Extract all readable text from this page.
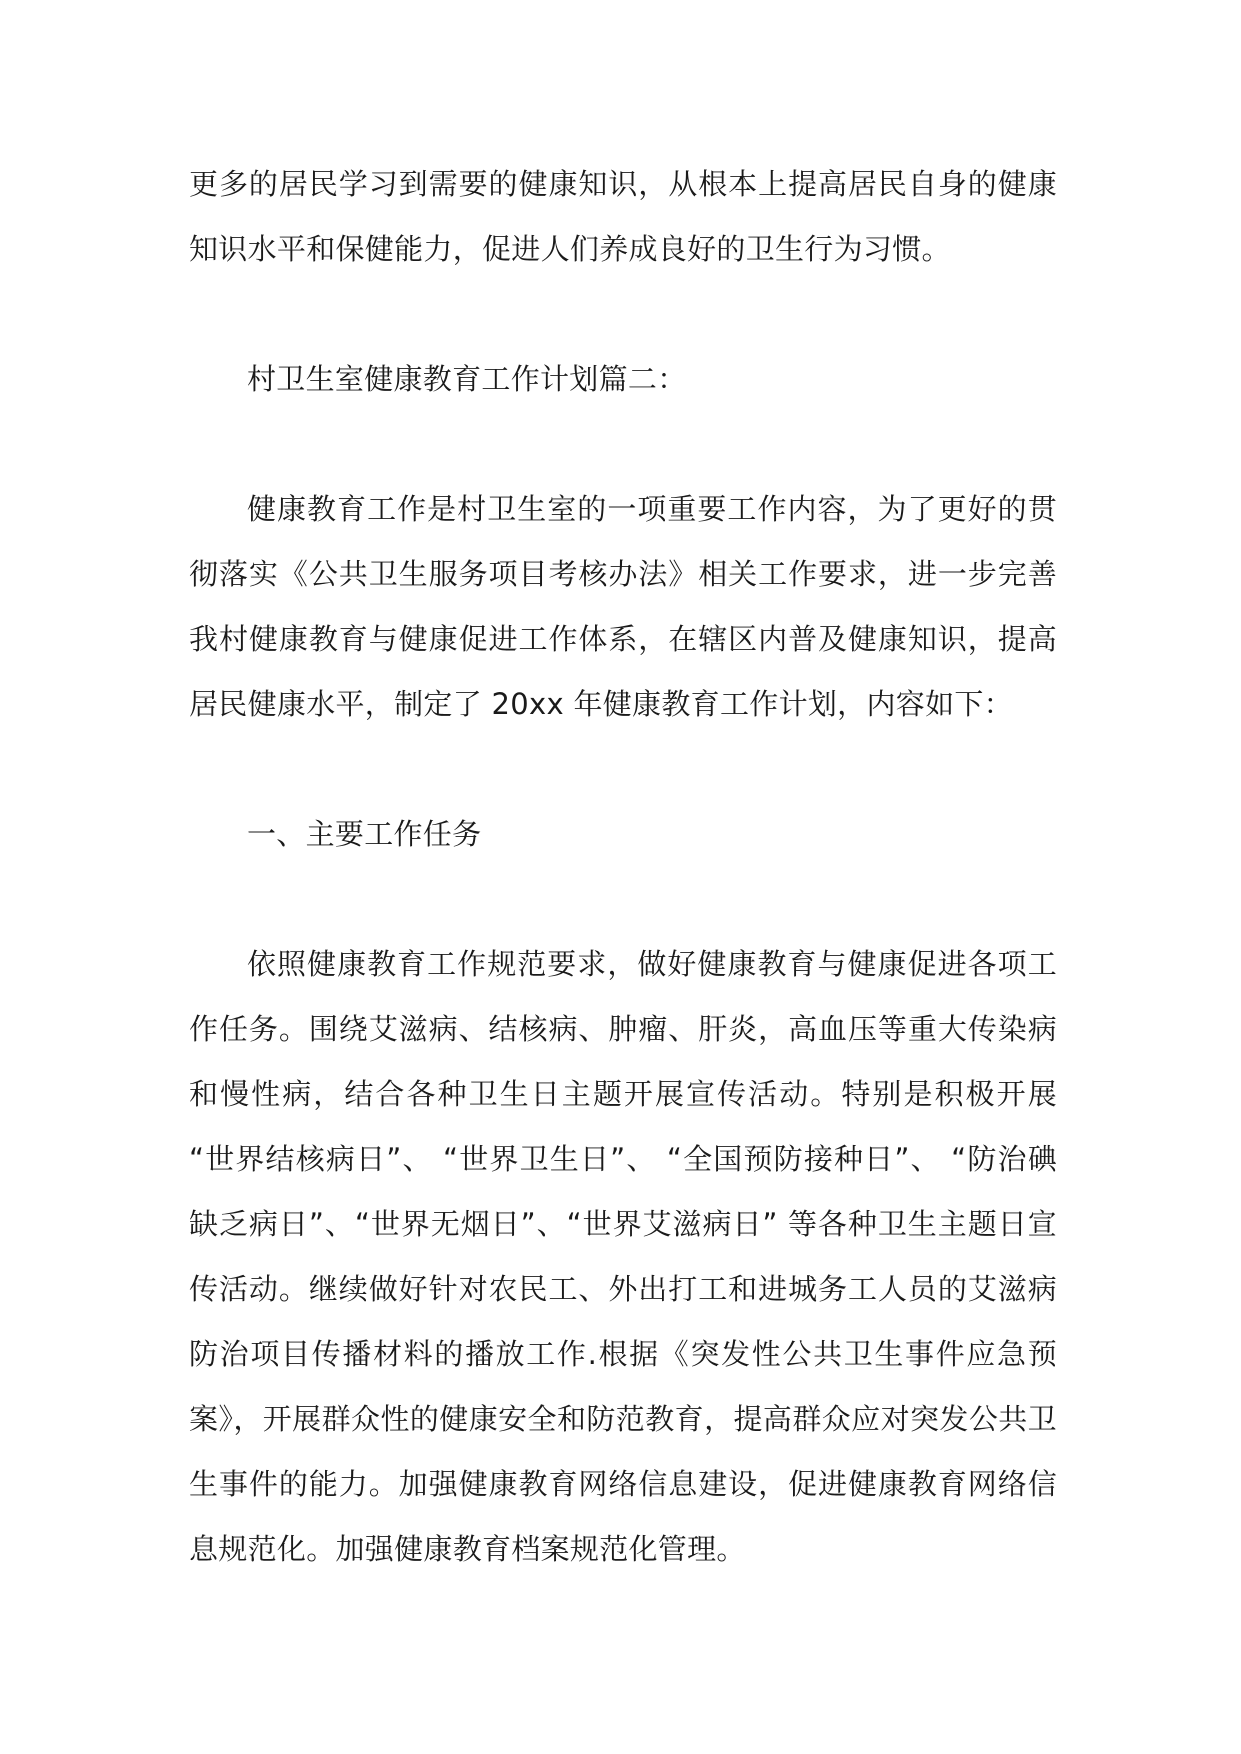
更多的居民学习到需要的健康知识，从根本上提高居民自身的健康知识水平和保健能力，促进人们养成良好的卫生行为习惯。

村卫生室健康教育工作计划篇二：

健康教育工作是村卫生室的一项重要工作内容，为了更好的贯彻落实《公共卫生服务项目考核办法》相关工作要求，进一步完善我村健康教育与健康促进工作体系，在辖区内普及健康知识，提高居民健康水平，制定了 20xx 年健康教育工作计划，内容如下：

一、主要工作任务

依照健康教育工作规范要求，做好健康教育与健康促进各项工作任务。围绕艾滋病、结核病、肿瘤、肝炎，高血压等重大传染病和慢性病，结合各种卫生日主题开展宣传活动。特别是积极开展 “世界结核病日”、 “世界卫生日”、 “全国预防接种日”、 “防治碘缺乏病日”、“世界无烟日”、“世界艾滋病日” 等各种卫生主题日宣传活动。继续做好针对农民工、外出打工和进城务工人员的艾滋病防治项目传播材料的播放工作.根据《突发性公共卫生事件应急预案》，开展群众性的健康安全和防范教育，提高群众应对突发公共卫生事件的能力。加强健康教育网络信息建设，促进健康教育网络信息规范化。加强健康教育档案规范化管理。
